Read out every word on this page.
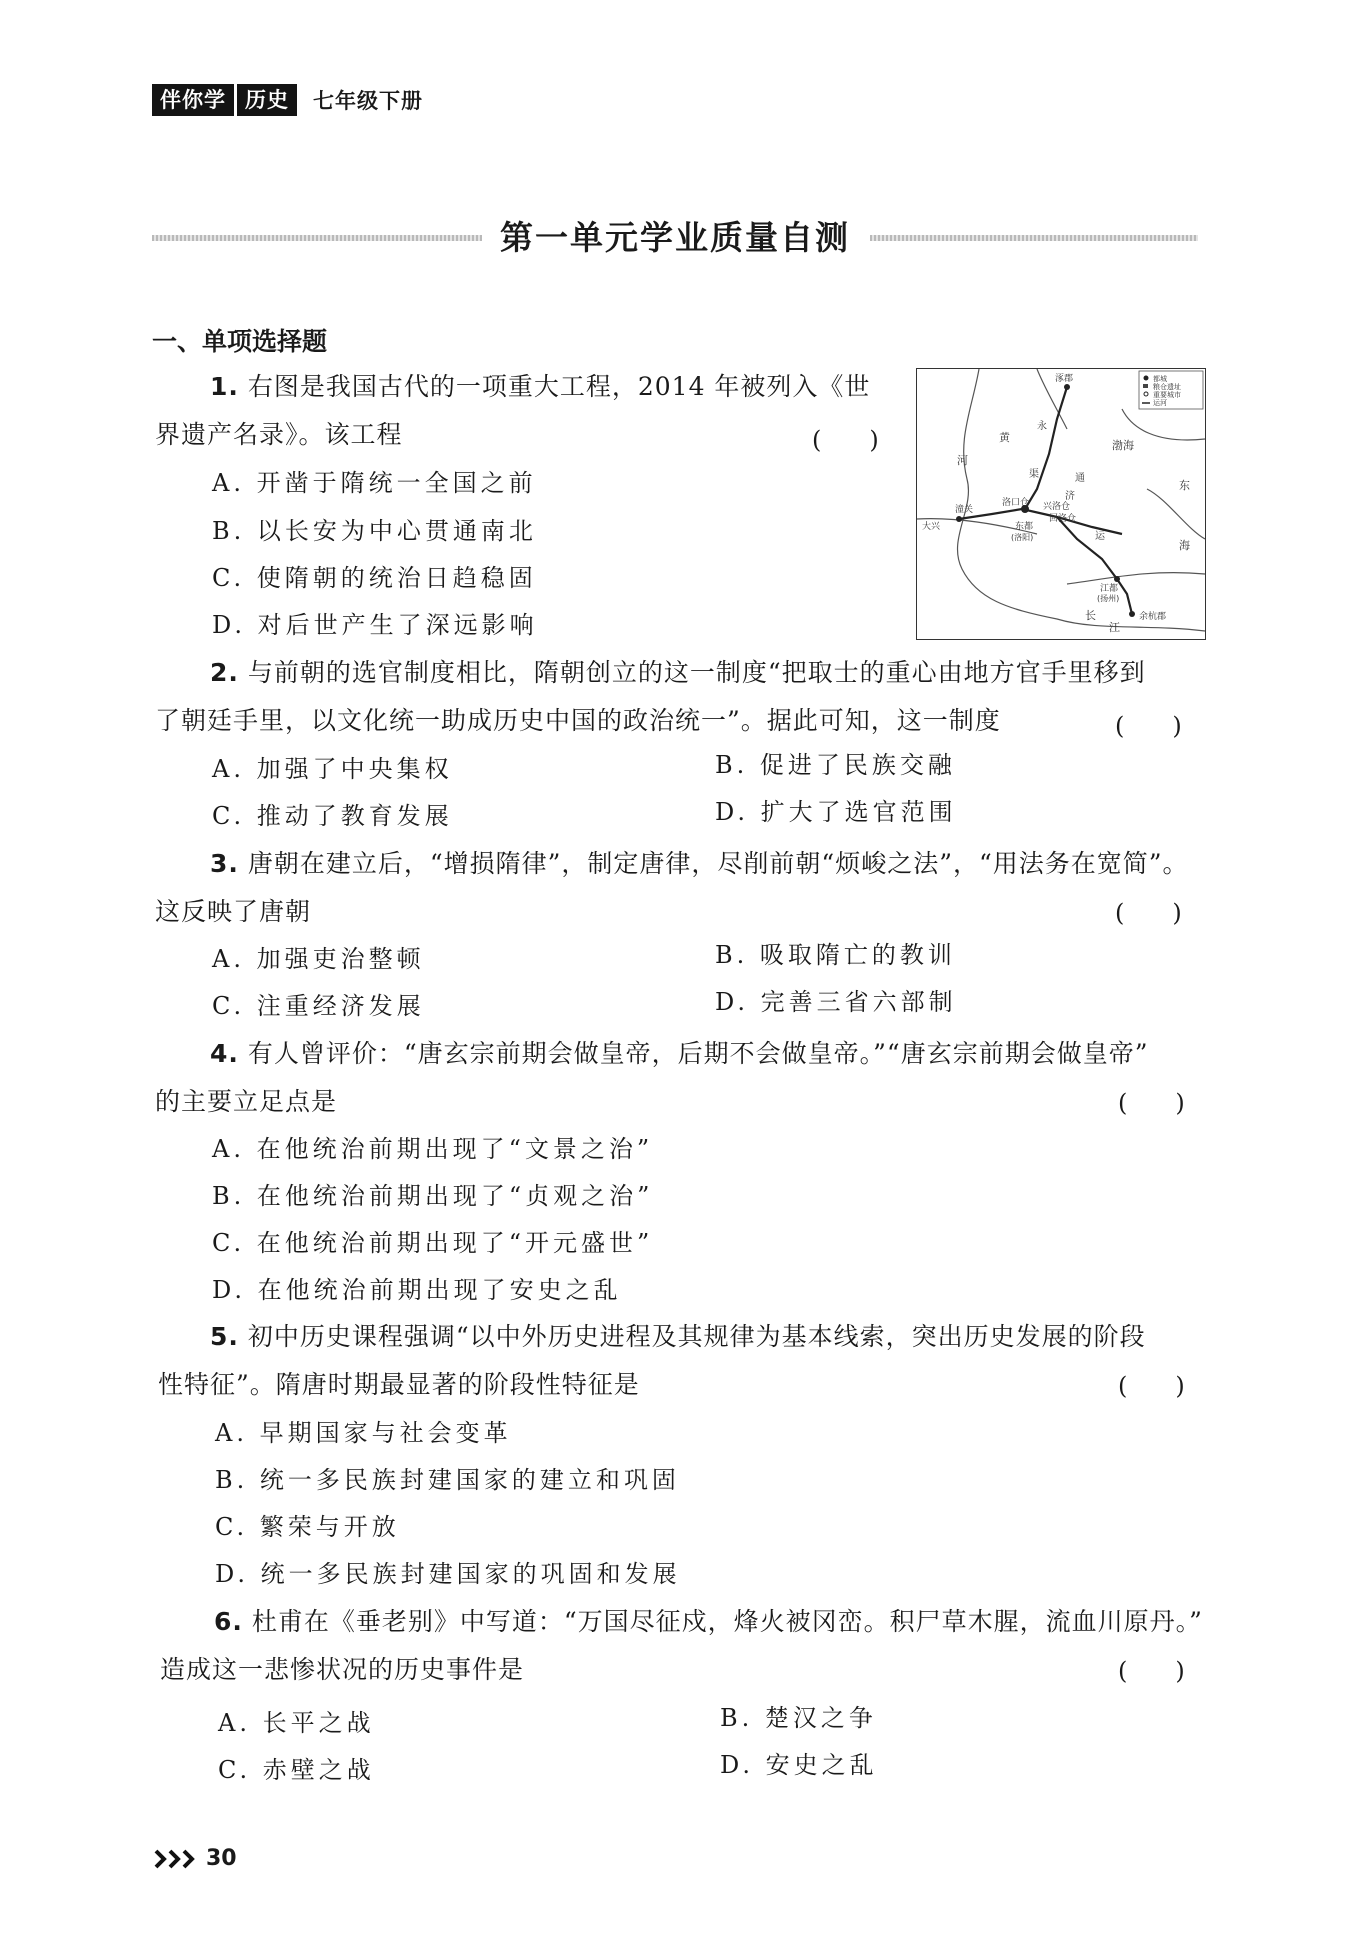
伴你学 历史	七年级下册
第一单元学业质量自测
一、单项选择题
1. 右图是我国古代的一项重大工程，2014 年被列入《世
界遗产名录》。该工程	(　　)
A. 开凿于隋统一全国之前
B. 以长安为中心贯通南北
C. 使隋朝的统治日趋稳固
D. 对后世产生了深远影响
涿郡
渤海
河
东
黄
洛口仓
东都
(洛阳)
大兴
潼关	兴洛仓
回洛仓
江都
(扬州)
余杭郡
渠
长
海
济
通
永
运
江
都城
粮仓遗址
重要城市
运河
2. 与前朝的选官制度相比，隋朝创立的这一制度“把取士的重心由地方官手里移到
了朝廷手里，以文化统一助成历史中国的政治统一”。据此可知，这一制度	(　　)
A. 加强了中央集权	B. 促进了民族交融
C. 推动了教育发展	D. 扩大了选官范围
3. 唐朝在建立后，“增损隋律”，制定唐律，尽削前朝“烦峻之法”，“用法务在宽简”。
这反映了唐朝	(　　)
A. 加强吏治整顿	B. 吸取隋亡的教训
C. 注重经济发展	D. 完善三省六部制
4. 有人曾评价：“唐玄宗前期会做皇帝，后期不会做皇帝。”“唐玄宗前期会做皇帝”
的主要立足点是	(　　)
A. 在他统治前期出现了“文景之治”
B. 在他统治前期出现了“贞观之治”
C. 在他统治前期出现了“开元盛世”
D. 在他统治前期出现了安史之乱
5. 初中历史课程强调“以中外历史进程及其规律为基本线索，突出历史发展的阶段
性特征”。隋唐时期最显著的阶段性特征是	(　　)
A. 早期国家与社会变革
B. 统一多民族封建国家的建立和巩固
C. 繁荣与开放
D. 统一多民族封建国家的巩固和发展
6. 杜甫在《垂老别》中写道：“万国尽征戍，烽火被冈峦。积尸草木腥，流血川原丹。”
造成这一悲惨状况的历史事件是	(　　)
A. 长平之战	B. 楚汉之争
C. 赤壁之战	D. 安史之乱
30
